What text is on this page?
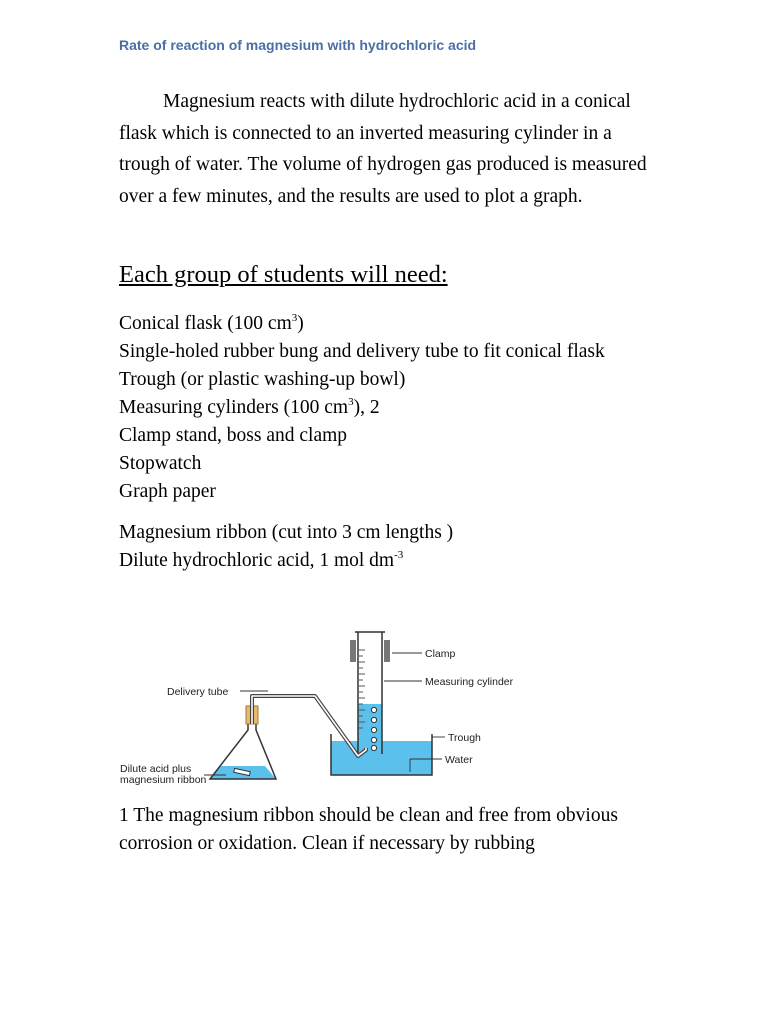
Rate of reaction of magnesium with hydrochloric acid

Magnesium reacts with dilute hydrochloric acid in a conical flask which is connected to an inverted measuring cylinder in a trough of water. The volume of hydrogen gas produced is measured over a few minutes, and the results are used to plot a graph.

Each group of students will need:
Conical flask (100 $cm^3$)
Single-holed rubber bung and delivery tube to fit conical flask
Trough (or plastic washing-up bowl)
Measuring cylinders (100 $cm^3$), 2
Clamp stand, boss and clamp
Stopwatch
Graph paper
Magnesium ribbon (cut into 3 cm lengths )
Dilute hydrochloric acid, 1 mol $dm^{-3}$
Clamp
Measuring cylinder
Delivery tube
Trough
Water
Dilute acid plus
magnesium ribbon

1 The magnesium ribbon should be clean and free from obvious corrosion or oxidation. Clean if necessary by rubbing
